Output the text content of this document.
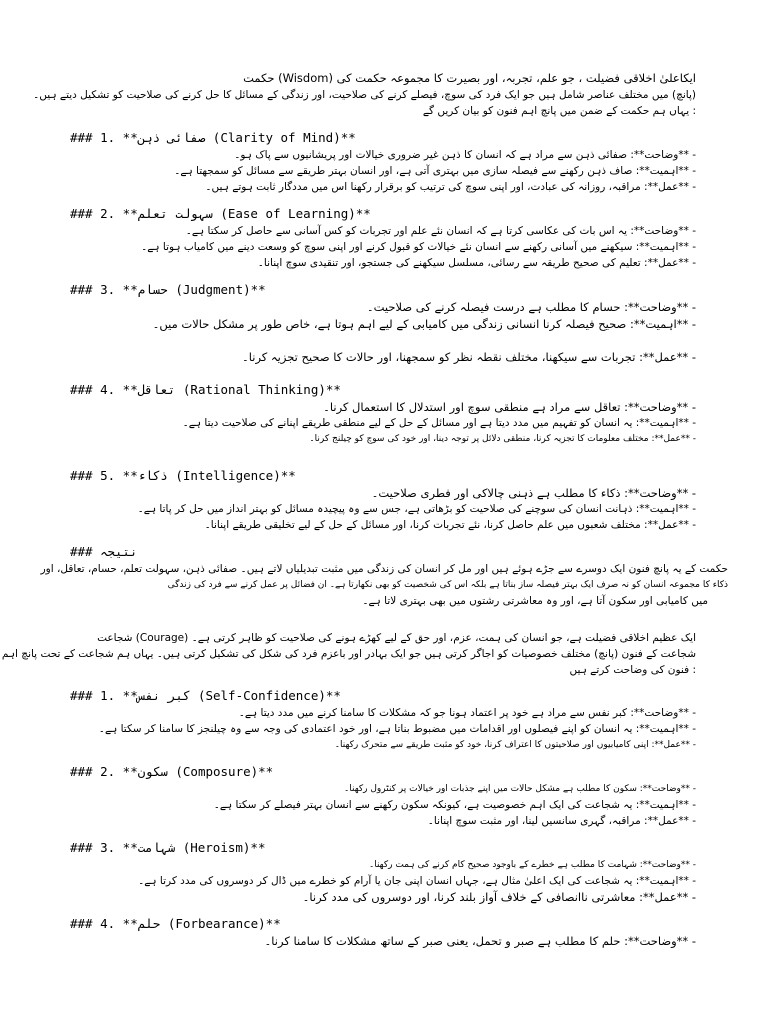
ایکاعلیٰ اخلاقی فضیلت ، جو علم، تجربہ، اور بصیرت کا مجموعہ حکمت کی (Wisdom) حکمت
(پانچ) میں مختلف عناصر شامل ہیں جو ایک فرد کی سوچ، فیصلے کرنے کی صلاحیت، اور زندگی کے مسائل کا حل کرنے کی صلاحیت کو تشکیل دیتے ہیں۔
: یہاں ہم حکمت کے ضمن میں پانچ اہم فنون کو بیان کریں گے
### 1. **صفائی ذہن (Clarity of Mind)**
- **وضاحت**: صفائی ذہن سے مراد ہے کہ انسان کا ذہن غیر ضروری خیالات اور پریشانیوں سے پاک ہو۔
- **اہمیت**: صاف ذہن رکھنے سے فیصلہ سازی میں بہتری آتی ہے، اور انسان بہتر طریقے سے مسائل کو سمجھتا ہے۔
- **عمل**: مراقبہ، روزانہ کی عبادت، اور اپنی سوچ کی ترتیب کو برقرار رکھنا اس میں مددگار ثابت ہوتے ہیں۔
### 2. **سہولت تعلم (Ease of Learning)**
- **وضاحت**: یہ اس بات کی عکاسی کرتا ہے کہ انسان نئے علم اور تجربات کو کس آسانی سے حاصل کر سکتا ہے۔
- **اہمیت**: سیکھنے میں آسانی رکھنے سے انسان نئے خیالات کو قبول کرنے اور اپنی سوچ کو وسعت دینے میں کامیاب ہوتا ہے۔
- **عمل**: تعلیم کی صحیح طریقہ سے رسائی، مسلسل سیکھنے کی جستجو، اور تنقیدی سوچ اپنانا۔
### 3. **حسام (Judgment)**
- **وضاحت**: حسام کا مطلب ہے درست فیصلہ کرنے کی صلاحیت۔
- **اہمیت**: صحیح فیصلہ کرنا انسانی زندگی میں کامیابی کے لیے اہم ہوتا ہے، خاص طور پر مشکل حالات میں۔
- **عمل**: تجربات سے سیکھنا، مختلف نقطہ نظر کو سمجھنا، اور حالات کا صحیح تجزیہ کرنا۔
### 4. **تعاقل (Rational Thinking)**
- **وضاحت**: تعاقل سے مراد ہے منطقی سوچ اور استدلال کا استعمال کرنا۔
- **اہمیت**: یہ انسان کو تفہیم میں مدد دیتا ہے اور مسائل کے حل کے لیے منطقی طریقے اپنانے کی صلاحیت دیتا ہے۔
- **عمل**: مختلف معلومات کا تجزیہ کرنا، منطقی دلائل پر توجہ دینا، اور خود کی سوچ کو چیلنج کرنا۔
### 5. **ذکاء (Intelligence)**
- **وضاحت**: ذکاء کا مطلب ہے ذہنی چالاکی اور فطری صلاحیت۔
- **اہمیت**: ذہانت انسان کی سوچنے کی صلاحیت کو بڑھاتی ہے، جس سے وہ پیچیدہ مسائل کو بہتر انداز میں حل کر پاتا ہے۔
- **عمل**: مختلف شعبوں میں علم حاصل کرنا، نئے تجربات کرنا، اور مسائل کے حل کے لیے تخلیقی طریقے اپنانا۔
### نتیجہ
حکمت کے یہ پانچ فنون ایک دوسرے سے جڑے ہوئے ہیں اور مل کر انسان کی زندگی میں مثبت تبدیلیاں لاتے ہیں۔ صفائی ذہن، سہولت تعلم، حسام، تعاقل، اور
ذکاء کا مجموعہ انسان کو نہ صرف ایک بہتر فیصلہ ساز بناتا ہے بلکہ اس کی شخصیت کو بھی نکھارتا ہے۔ ان فضائل پر عمل کرنے سے فرد کی زندگی
میں کامیابی اور سکون آتا ہے، اور وہ معاشرتی رشتوں میں بھی بہتری لاتا ہے۔
ایک عظیم اخلاقی فضیلت ہے، جو انسان کی ہمت، عزم، اور حق کے لیے کھڑے ہونے کی صلاحیت کو ظاہر کرتی ہے۔ (Courage) شجاعت
شجاعت کے فنون (پانچ) مختلف خصوصیات کو اجاگر کرتی ہیں جو ایک بہادر اور باعزم فرد کی شکل کی تشکیل کرتی ہیں۔ یہاں ہم شجاعت کے تحت پانچ اہم
: فنون کی وضاحت کرتے ہیں
### 1. **کبر نفس (Self-Confidence)**
- **وضاحت**: کبر نفس سے مراد ہے خود پر اعتماد ہونا جو کہ مشکلات کا سامنا کرنے میں مدد دیتا ہے۔
- **اہمیت**: یہ انسان کو اپنے فیصلوں اور اقدامات میں مضبوط بناتا ہے، اور خود اعتمادی کی وجہ سے وہ چیلنجز کا سامنا کر سکتا ہے۔
- **عمل**: اپنی کامیابیوں اور صلاحیتوں کا اعتراف کرنا، خود کو مثبت طریقے سے متحرک رکھنا۔
### 2. **سکون (Composure)**
- **وضاحت**: سکون کا مطلب ہے مشکل حالات میں اپنے جذبات اور خیالات پر کنٹرول رکھنا۔
- **اہمیت**: یہ شجاعت کی ایک اہم خصوصیت ہے، کیونکہ سکون رکھنے سے انسان بہتر فیصلے کر سکتا ہے۔
- **عمل**: مراقبہ، گہری سانسیں لینا، اور مثبت سوچ اپنانا۔
### 3. **شہامت (Heroism)**
- **وضاحت**: شہامت کا مطلب ہے خطرے کے باوجود صحیح کام کرنے کی ہمت رکھنا۔
- **اہمیت**: یہ شجاعت کی ایک اعلیٰ مثال ہے، جہاں انسان اپنی جان یا آرام کو خطرے میں ڈال کر دوسروں کی مدد کرتا ہے۔
- **عمل**: معاشرتی ناانصافی کے خلاف آواز بلند کرنا، اور دوسروں کی مدد کرنا۔
### 4. **حلم (Forbearance)**
- **وضاحت**: حلم کا مطلب ہے صبر و تحمل، یعنی صبر کے ساتھ مشکلات کا سامنا کرنا۔
